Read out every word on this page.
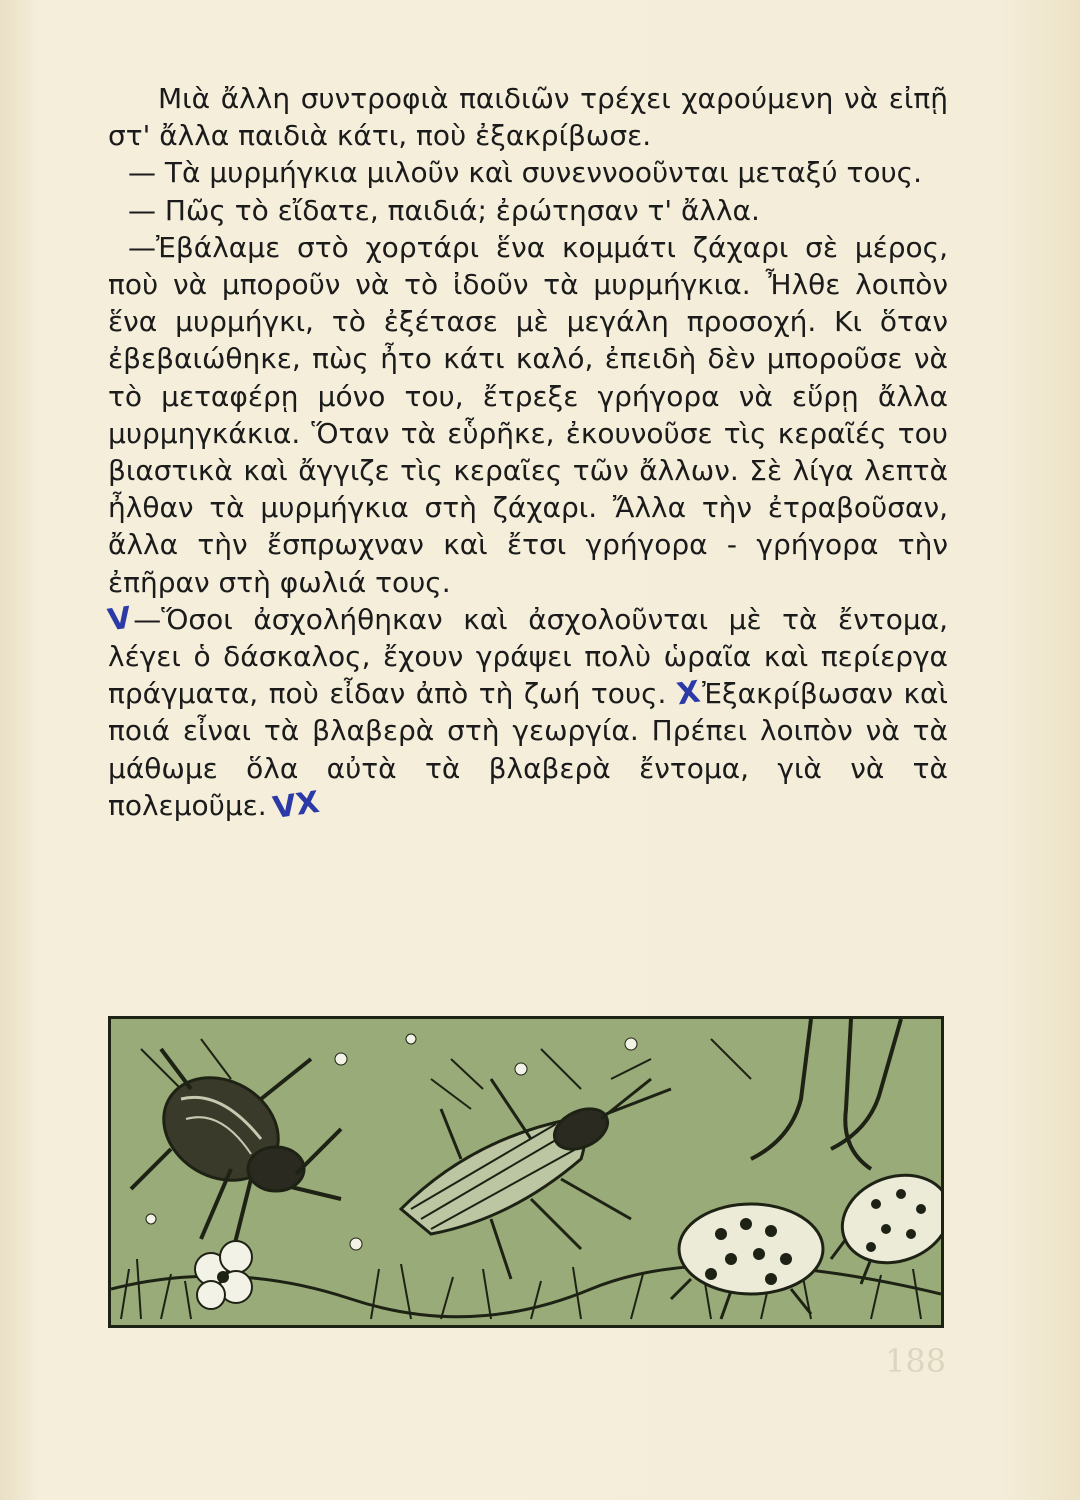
Μιὰ ἄλλη συντροφιὰ παιδιῶν τρέχει χαρούμενη νὰ εἰπῇ στ' ἄλλα παιδιὰ κάτι, ποὺ ἐξακρίβωσε.

— Τὰ μυρμήγκια μιλοῦν καὶ συνεννοοῦνται μεταξύ τους.

— Πῶς τὸ εἴδατε, παιδιά; ἐρώτησαν τ' ἄλλα.

—Ἐβάλαμε στὸ χορτάρι ἕνα κομμάτι ζάχαρι σὲ μέρος, ποὺ νὰ μποροῦν νὰ τὸ ἰδοῦν τὰ μυρμήγκια. Ἦλθε λοιπὸν ἕνα μυρμήγκι, τὸ ἐξέτασε μὲ μεγάλη προσοχή. Κι ὅταν ἐβεβαιώθηκε, πὼς ἦτο κάτι καλό, ἐπειδὴ δὲν μποροῦσε νὰ τὸ μεταφέρῃ μόνο του, ἔτρεξε γρήγορα νὰ εὕρῃ ἄλλα μυρμηγκάκια. Ὅταν τὰ εὗρῆκε, ἐκουνοῦσε τὶς κεραῖές του βιαστικὰ καὶ ἄγγιζε τὶς κεραῖες τῶν ἄλλων. Σὲ λίγα λεπτὰ ἦλθαν τὰ μυρμήγκια στὴ ζάχαρι. Ἄλλα τὴν ἐτραβοῦσαν, ἄλλα τὴν ἔσπρωχναν καὶ ἔτσι γρήγορα - γρήγορα τὴν ἐπῆραν στὴ φωλιά τους.

V—Ὅσοι ἀσχολήθηκαν καὶ ἀσχολοῦνται μὲ τὰ ἔντομα, λέγει ὁ δάσκαλος, ἔχουν γράψει πολὺ ὡραῖα καὶ περίεργα πράγματα, ποὺ εἶδαν ἀπὸ τὴ ζωή τους. XἘξακρίβωσαν καὶ ποιά εἶναι τὰ βλαβερὰ στὴ γεωργία. Πρέπει λοιπὸν νὰ τὰ μάθωμε ὅλα αὐτὰ τὰ βλαβερὰ ἔντομα, γιὰ νὰ τὰ πολεμοῦμε. VX

188
